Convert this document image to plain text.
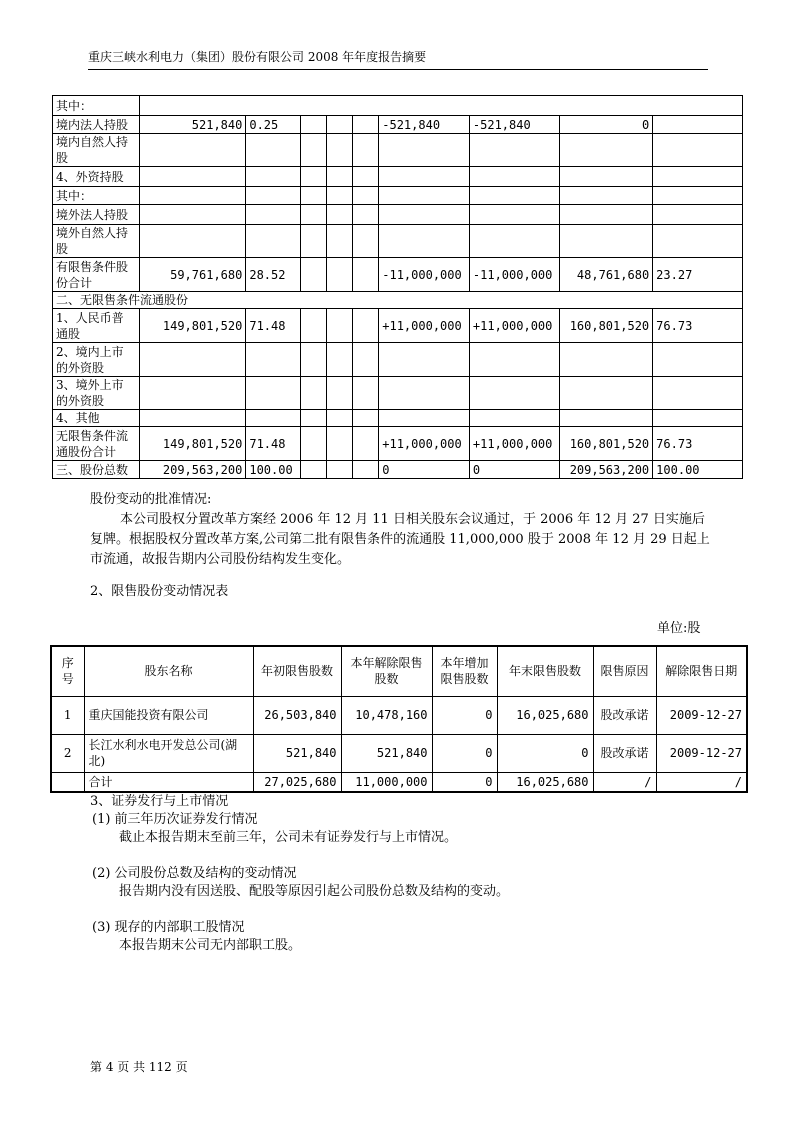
重庆三峡水利电力（集团）股份有限公司 2008 年年度报告摘要
其中：									
境内法人持股	521,840	0.25				-521,840	-521,840	0	
境内自然人持股									
4、外资持股									
其中：									
境外法人持股									
境外自然人持股									
有限售条件股份合计	59,761,680	28.52				-11,000,000	-11,000,000	48,761,680	23.27
二、无限售条件流通股份									
1、人民币普通股	149,801,520	71.48				+11,000,000	+11,000,000	160,801,520	76.73
2、境内上市的外资股									
3、境外上市的外资股									
4、其他									
无限售条件流通股份合计	149,801,520	71.48				+11,000,000	+11,000,000	160,801,520	76.73
三、股份总数	209,563,200	100.00				0	0	209,563,200	100.00
股份变动的批准情况:
本公司股权分置改革方案经 2006 年 12 月 11 日相关股东会议通过，于 2006 年 12 月 27 日实施后复牌。根据股权分置改革方案,公司第二批有限售条件的流通股 11,000,000 股于 2008 年 12 月 29 日起上市流通，故报告期内公司股份结构发生变化。
2、限售股份变动情况表
单位:股
序号	股东名称	年初限售股数	本年解除限售股数	本年增加限售股数	年末限售股数	限售原因	解除限售日期
1	重庆国能投资有限公司	26,503,840	10,478,160	0	16,025,680	股改承诺	2009-12-27
2	长江水利水电开发总公司(湖北)	521,840	521,840	0	0	股改承诺	2009-12-27
	合计	27,025,680	11,000,000	0	16,025,680	/	/
3、证券发行与上市情况
(1) 前三年历次证券发行情况
截止本报告期末至前三年，公司未有证券发行与上市情况。
(2) 公司股份总数及结构的变动情况
报告期内没有因送股、配股等原因引起公司股份总数及结构的变动。
(3) 现存的内部职工股情况
本报告期末公司无内部职工股。
第 4 页 共 112 页
